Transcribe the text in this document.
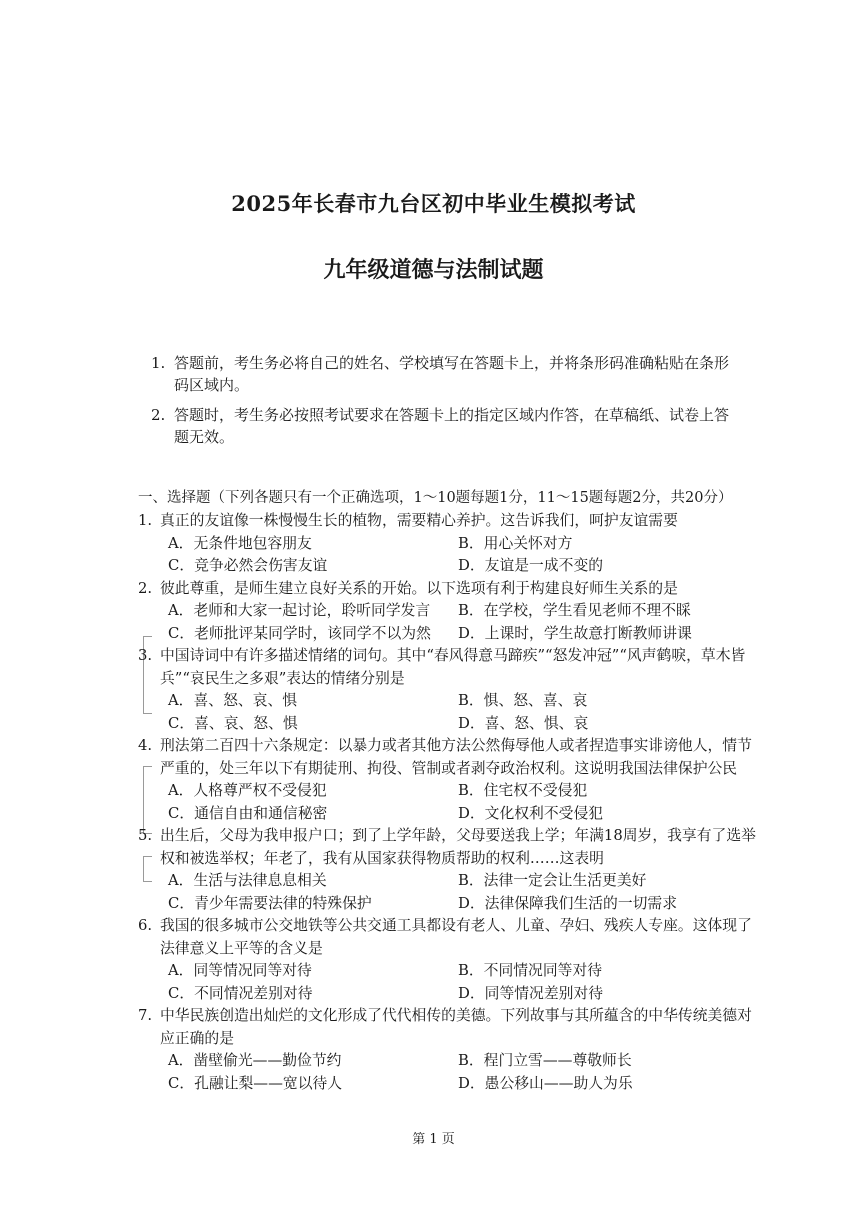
2025年长春市九台区初中毕业生模拟考试
九年级道德与法制试题
1. 答题前，考生务必将自己的姓名、学校填写在答题卡上，并将条形码准确粘贴在条形码区域内。
2. 答题时，考生务必按照考试要求在答题卡上的指定区域内作答，在草稿纸、试卷上答题无效。
一、选择题（下列各题只有一个正确选项，1～10题每题1分，11～15题每题2分，共20分）
1. 真正的友谊像一株慢慢生长的植物，需要精心养护。这告诉我们，呵护友谊需要
A．无条件地包容朋友	B．用心关怀对方
C．竞争必然会伤害友谊	D．友谊是一成不变的
2. 彼此尊重，是师生建立良好关系的开始。以下选项有利于构建良好师生关系的是
A．老师和大家一起讨论，聆听同学发言	B．在学校，学生看见老师不理不睬
C．老师批评某同学时，该同学不以为然	D．上课时，学生故意打断教师讲课
3. 中国诗词中有许多描述情绪的词句。其中“春风得意马蹄疾”“怒发冲冠”“风声鹤唳，草木皆兵”“哀民生之多艰”表达的情绪分别是
A．喜、怒、哀、惧	B．惧、怒、喜、哀
C．喜、哀、怒、惧	D．喜、怒、惧、哀
4. 刑法第二百四十六条规定：以暴力或者其他方法公然侮辱他人或者捏造事实诽谤他人，情节严重的，处三年以下有期徒刑、拘役、管制或者剥夺政治权利。这说明我国法律保护公民
A．人格尊严权不受侵犯	B．住宅权不受侵犯
C．通信自由和通信秘密	D．文化权利不受侵犯
5. 出生后，父母为我申报户口；到了上学年龄，父母要送我上学；年满18周岁，我享有了选举权和被选举权；年老了，我有从国家获得物质帮助的权利……这表明
A．生活与法律息息相关	B．法律一定会让生活更美好
C．青少年需要法律的特殊保护	D．法律保障我们生活的一切需求
6. 我国的很多城市公交地铁等公共交通工具都设有老人、儿童、孕妇、残疾人专座。这体现了法律意义上平等的含义是
A．同等情况同等对待	B．不同情况同等对待
C．不同情况差别对待	D．同等情况差别对待
7. 中华民族创造出灿烂的文化形成了代代相传的美德。下列故事与其所蕴含的中华传统美德对应正确的是
A．凿壁偷光——勤俭节约	B．程门立雪——尊敬师长
C．孔融让梨——宽以待人	D．愚公移山——助人为乐
第 1 页
